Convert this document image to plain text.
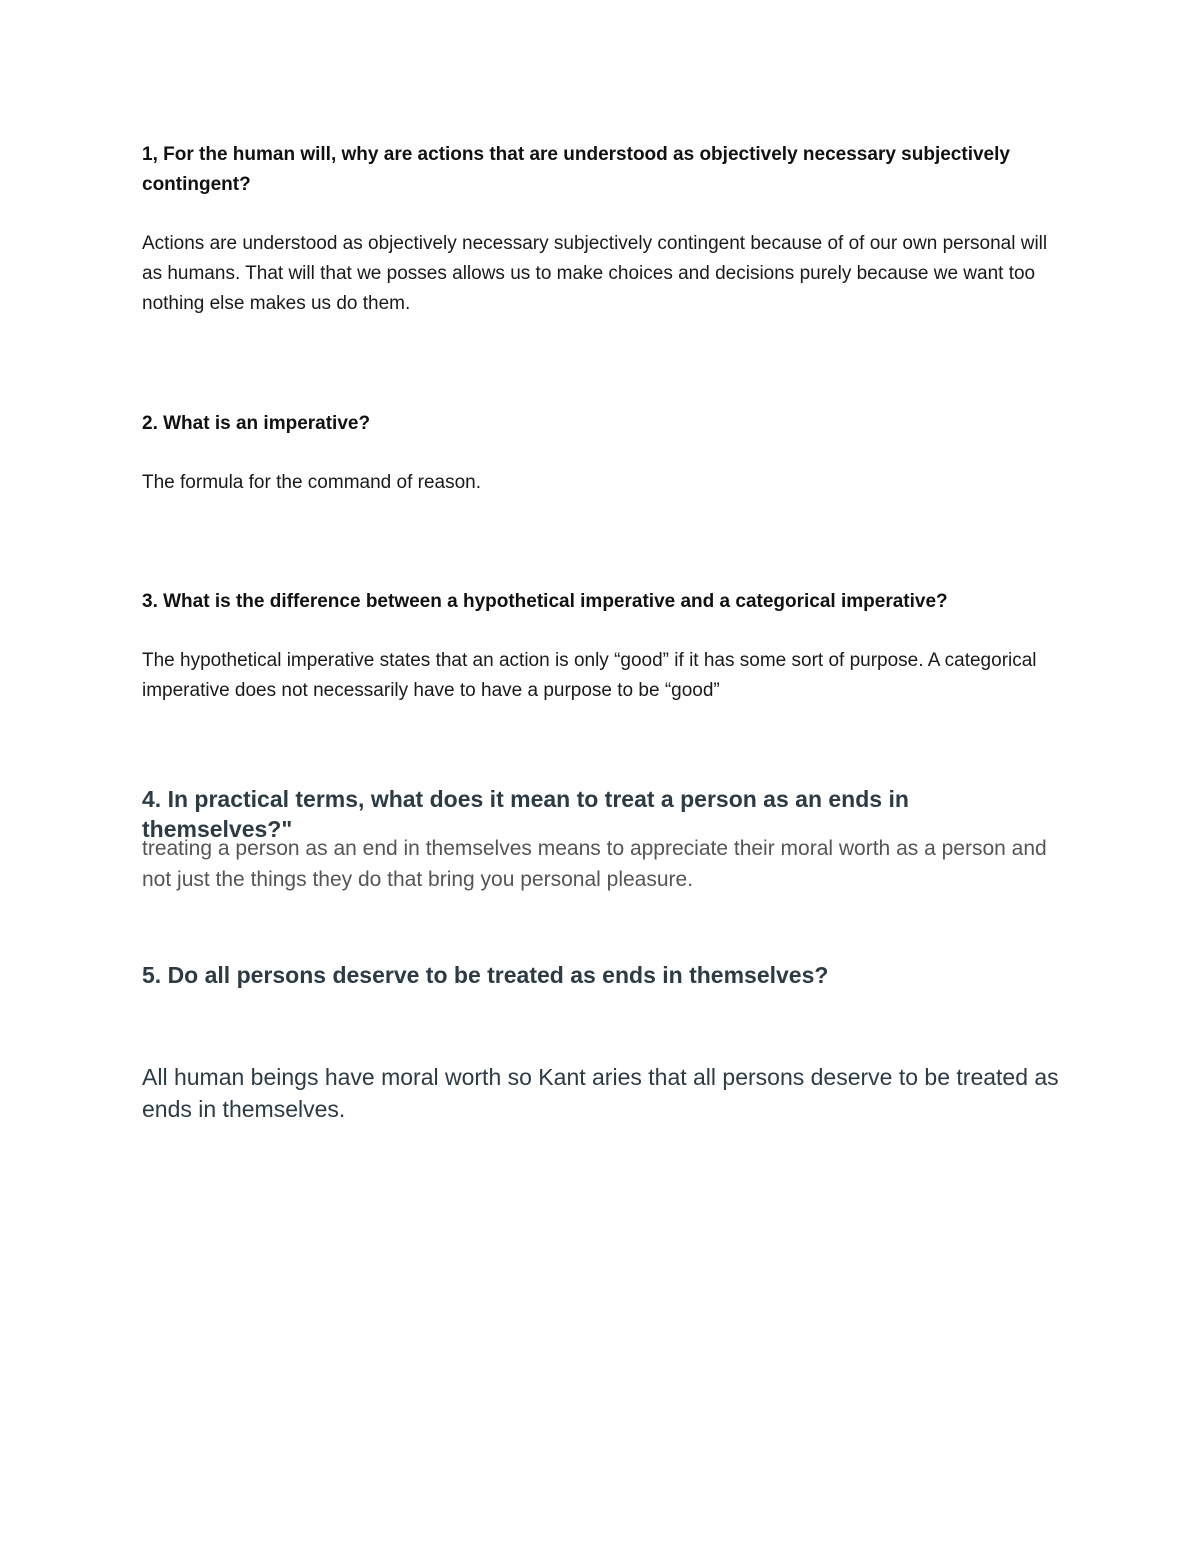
1, For the human will, why are actions that are understood as objectively necessary subjectively contingent?

Actions are understood as objectively necessary subjectively contingent because of of our own personal will as humans. That will that we posses allows us to make choices and decisions purely because we want too nothing else makes us do them.

2. What is an imperative?

The formula for the command of reason.

3. What is the difference between a hypothetical imperative and a categorical imperative?

The hypothetical imperative states that an action is only “good” if it has some sort of purpose. A categorical imperative does not necessarily have to have a purpose to be “good”

4. In practical terms, what does it mean to treat a person as an ends in themselves?"

treating a person as an end in themselves means to appreciate their moral worth as a person and not just the things they do that bring you personal pleasure.

5. Do all persons deserve to be treated as ends in themselves?

All human beings have moral worth so Kant aries that all persons deserve to be treated as ends in themselves.
